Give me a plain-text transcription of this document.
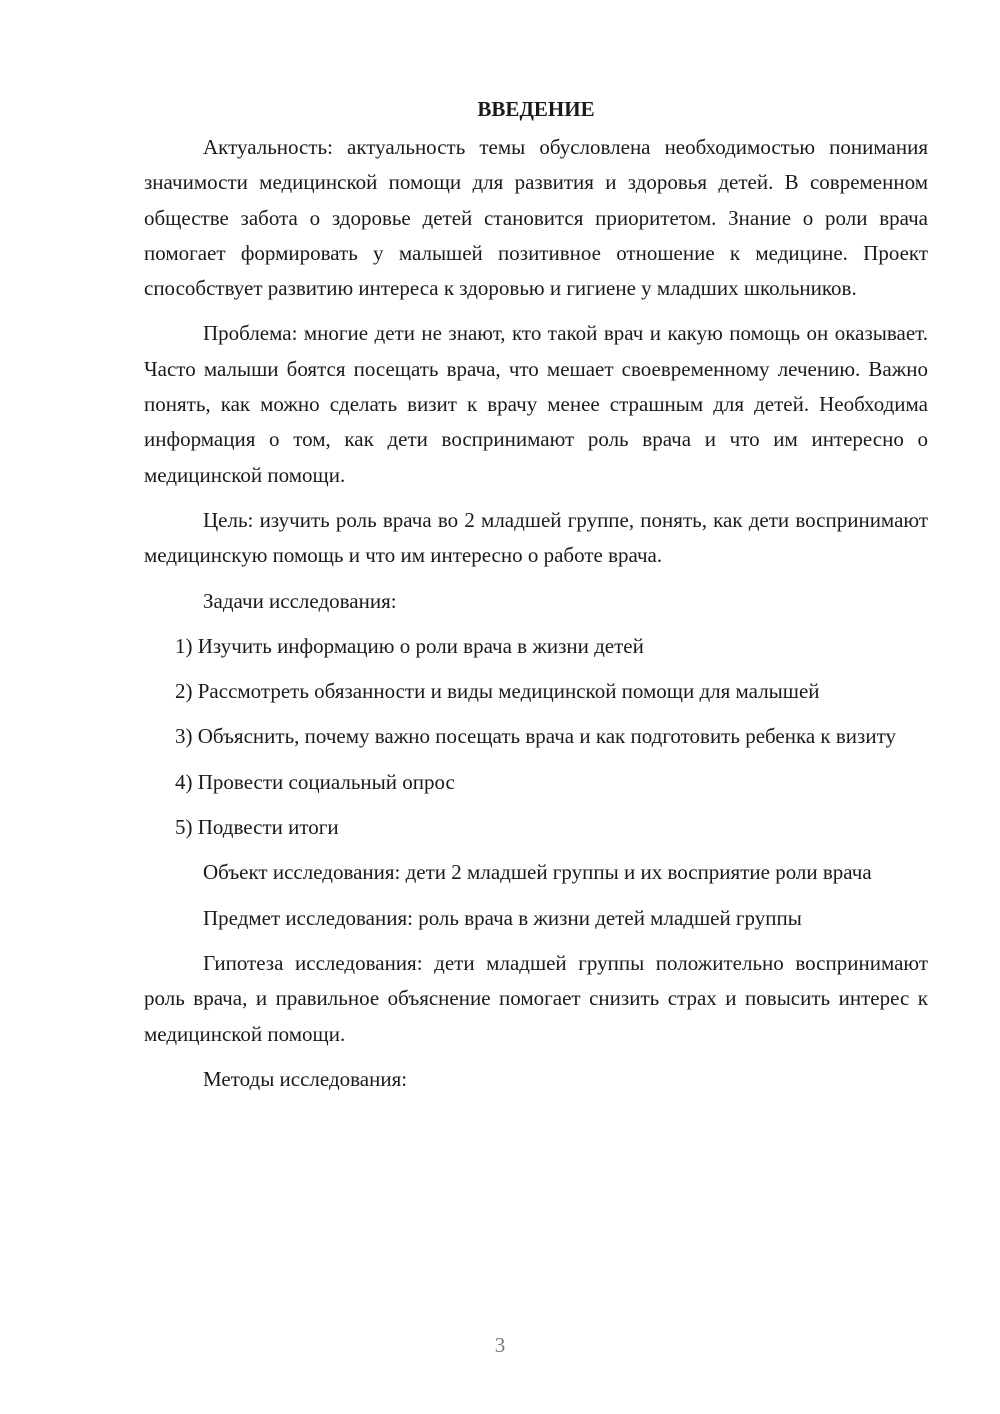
ВВЕДЕНИЕ

Актуальность: актуальность темы обусловлена необходимостью понимания значимости медицинской помощи для развития и здоровья детей. В современном обществе забота о здоровье детей становится приоритетом. Знание о роли врача помогает формировать у малышей позитивное отношение к медицине. Проект способствует развитию интереса к здоровью и гигиене у младших школьников.

Проблема: многие дети не знают, кто такой врач и какую помощь он оказывает. Часто малыши боятся посещать врача, что мешает своевременному лечению. Важно понять, как можно сделать визит к врачу менее страшным для детей. Необходима информация о том, как дети воспринимают роль врача и что им интересно о медицинской помощи.

Цель: изучить роль врача во 2 младшей группе, понять, как дети воспринимают медицинскую помощь и что им интересно о работе врача.

Задачи исследования:

1) Изучить информацию о роли врача в жизни детей

2) Рассмотреть обязанности и виды медицинской помощи для малышей

3) Объяснить, почему важно посещать врача и как подготовить ребенка к визиту

4) Провести социальный опрос

5) Подвести итоги

Объект исследования: дети 2 младшей группы и их восприятие роли врача

Предмет исследования: роль врача в жизни детей младшей группы

Гипотеза исследования: дети младшей группы положительно воспринимают роль врача, и правильное объяснение помогает снизить страх и повысить интерес к медицинской помощи.

Методы исследования:

3
